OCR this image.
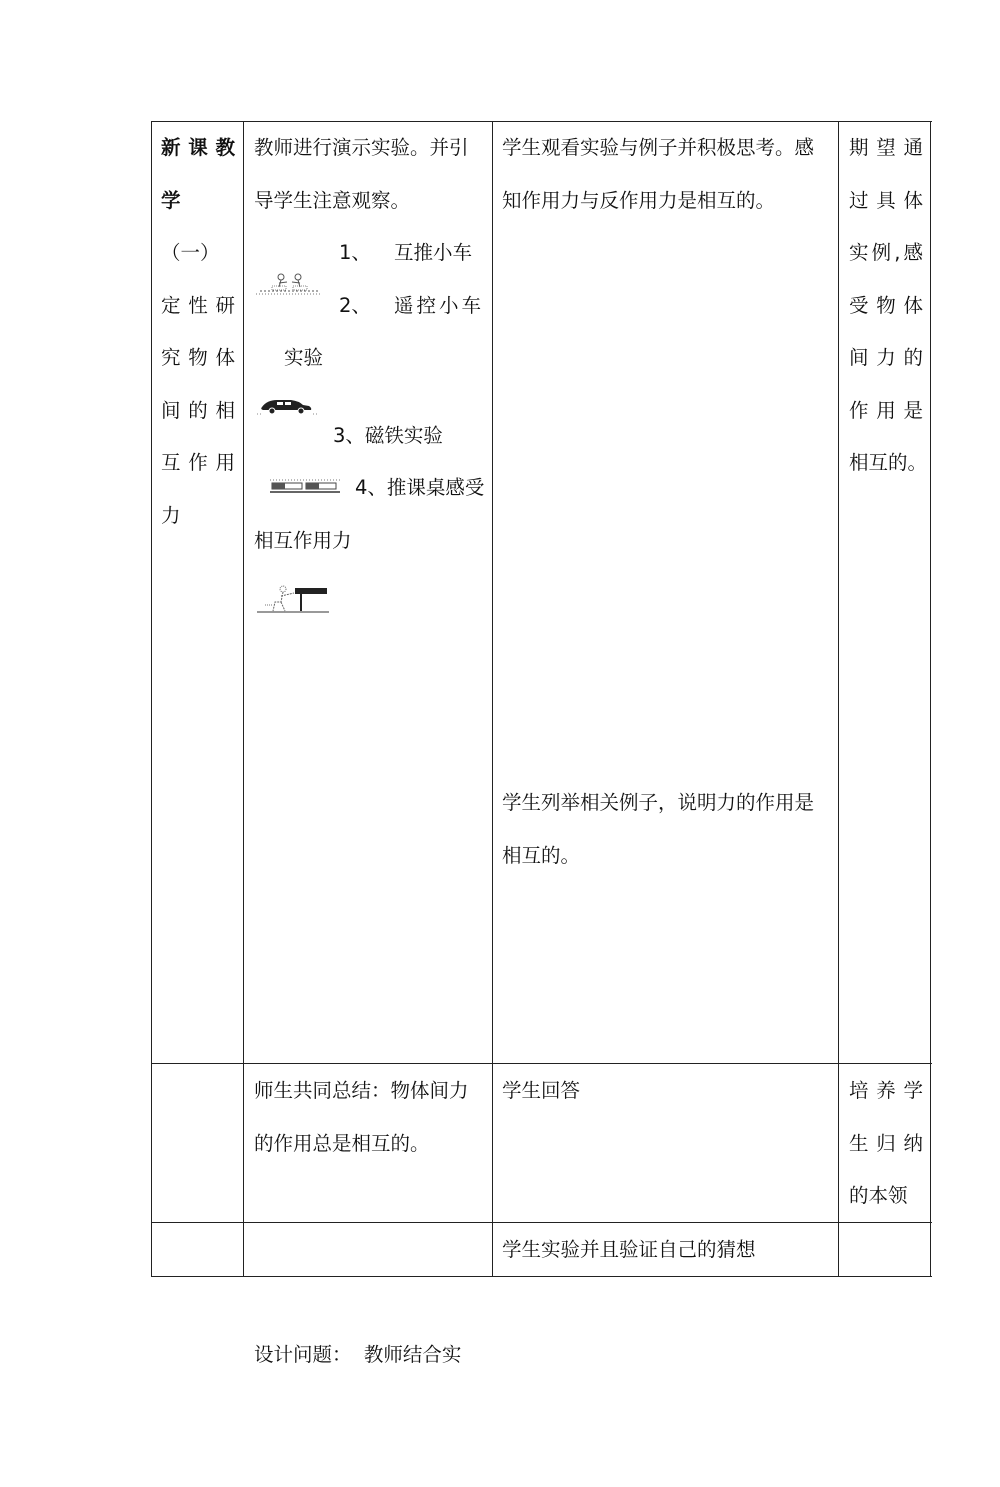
新课教
学
（一）
定性研
究物体
间的相
互作用
力
教师进行演示实验。并引
导学生注意观察。
1、 互推小车
2、 遥控小车
实验
3、磁铁实验
4、推课桌感受
相互作用力
学生观看实验与例子并积极思考。感
知作用力与反作用力是相互的。
学生列举相关例子，说明力的作用是
相互的。
期望通
过具体
实例,感
受物体
间力的
作用是
相互的。
师生共同总结：物体间力
的作用总是相互的。
学生回答	培养学
生归纳
的本领

设计问题：  教师结合实

学生实验并且验证自己的猜想
